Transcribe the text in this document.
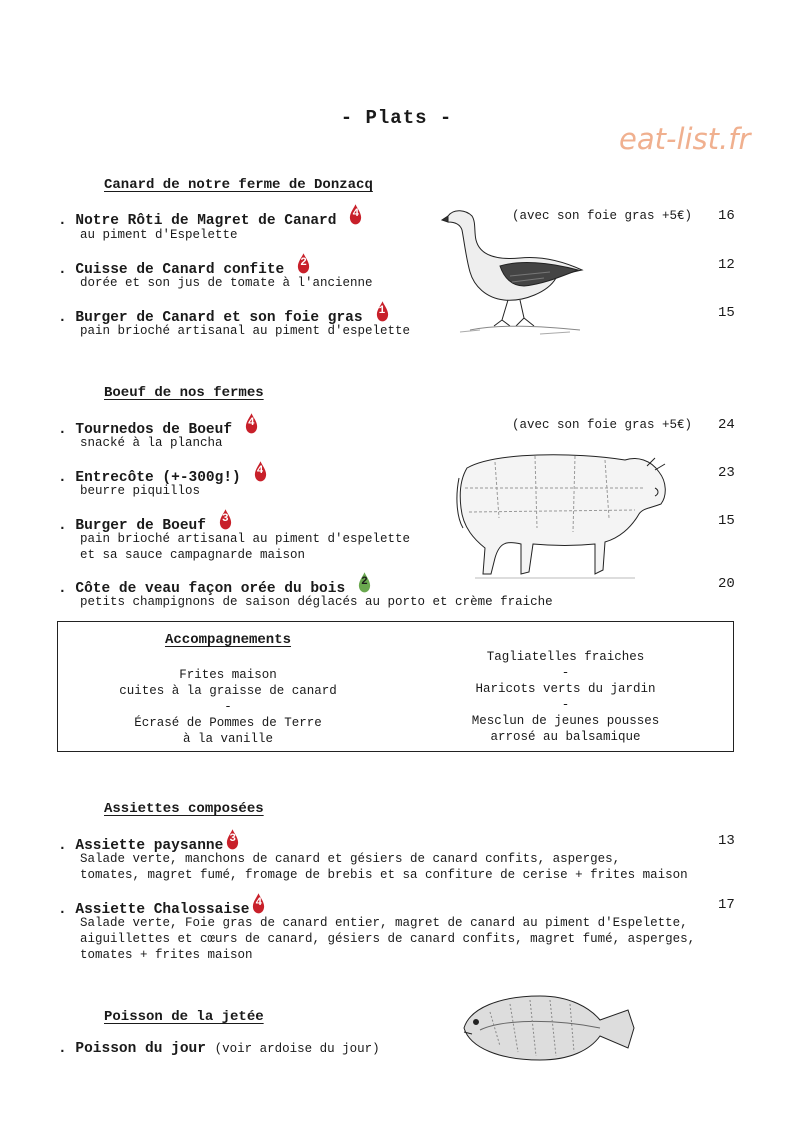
- Plats -
eat-list.fr
Canard de notre ferme de Donzacq
. Notre Rôti de Magret de Canard 4
au piment d'Espelette
(avec son foie gras +5€) 16
. Cuisse de Canard confite 2
dorée et son jus de tomate à l'ancienne
12
. Burger de Canard et son foie gras 1
pain brioché artisanal au piment d'espelette
15
Boeuf de nos fermes
. Tournedos de Boeuf 4
snacké à la plancha
(avec son foie gras +5€) 24
. Entrecôte (+-300g!) 4
beurre piquillos
23
. Burger de Boeuf 3
pain brioché artisanal au piment d'espelette
et sa sauce campagnarde maison
15
. Côte de veau façon orée du bois 2
petits champignons de saison déglacés au porto et crème fraiche
20
Accompagnements
Frites maison
cuites à la graisse de canard
-
Écrasé de Pommes de Terre
à la vanille
Tagliatelles fraiches
-
Haricots verts du jardin
-
Mesclun de jeunes pousses
arrosé au balsamique
Assiettes composées
. Assiette paysanne 3
Salade verte, manchons de canard et gésiers de canard confits, asperges,
tomates, magret fumé, fromage de brebis et sa confiture de cerise + frites maison
13
. Assiette Chalossaise 4
Salade verte, Foie gras de canard entier, magret de canard au piment d'Espelette,
aiguillettes et cœurs de canard, gésiers de canard confits, magret fumé, asperges,
tomates + frites maison
17
Poisson de la jetée
. Poisson du jour (voir ardoise du jour)
